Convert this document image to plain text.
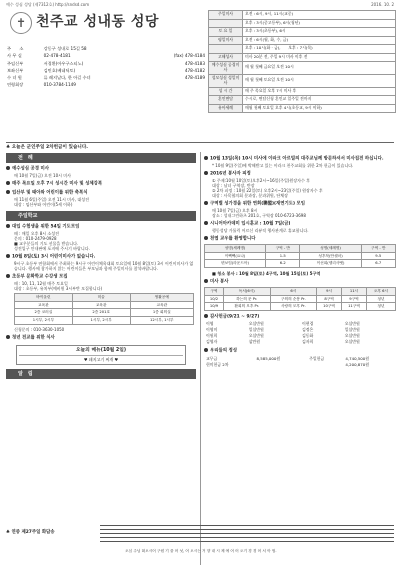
예수 성심 성당 (제7312호) http://sndsd.com	2016. 10. 2
✝ 천주교 성내동 성당
주　　소	강동구 성내로 15길 58	
사 무 실	02-478-4181	(fax) 478-4184
주임신부	서경환(아우구스티노)	478-4183
보좌신부	김민호(베네딕토)	478-4182
수 녀 원	류 레지날다, 한 아길 수녀	478-4189
연령회장	010-3784-1149	
주일미사	오전 : 6시, 9시, 11시(교중)
	오후 : 3시(중고등부), 6시(청년)
토 요 일	오후 : 3시(초등부), 6시
평일미사	오전 : 6시(월, 화, 수, 금)
	오후 : 10시(화 · 금),　　오후 : 7시(목)
고해성사	미사 20분 전, 주일 9시 미사 이후 전
예수성심 공경미사	매 월 첫째 금요일 오전 10시
성모성심 성일미사	매 월 첫째 토요일 오전 10시
성 시 간	매 주 목요일 오후 7시 미사 후
혼인면담	수시로, 면담신청 혼인교 일주일 전까지
유아세례	매월 첫째 토요일 오후 4시(초등교, 9시 이하)
♣ 오늘은 군인주일 2차헌금이 있습니다.
전　례
예수성심 공경 미사
매 10월 7일(금) 오전 10시 미사
매주 목요일 오후 7시 성시간 미사 및 성체강복
업산부 및 태아와 어린이를 위한 축복식
매 11월 6일(주일) 오전 11시 미사, 대성전
대상 : 임산부와 어린이(5세 이하)
주일학교
대입 수험생을 위한 54일 기도모임
때 : 매일 오후 8시 소성전
문의 : 010-2479-0928
■ 교우분들의 기도 선물을 받습니다.
성전입구 안내판에 포지에 주시기 바랍니다.
10월 8일(토) 3시 어린이미사가 없습니다.
9시구 초등부 연합회에서 주최하는 9시구 어린이체육대회 토요일에 10월 8일(토) 3시 어린이미사가 없습니다. 행사에 참가하지 않는 어린이들은 부모님과 함께 주일미사를 참석바랍니다.
초등부 문화학교 수강생 모집
때 : 10, 11, 12월 매주 토요일
대상 : 초등부, 유치부(예비원 3시부반 모집합니다)
바이올린	미술	생활공예
교육관	교육관	교육관
2층 코러실	2층 201호	1층 회의실
1시부, 2시부	1시부, 2시부	12시부, 1시부
신청문의 : 010-3630-1050
청년 전교를 위한 식사
오늘의 메뉴(10월 2일)
♥ 돼지고기 찌개 ♥
알　림
10월 13일(목) 10시 미사에 이라크 아르빌의 대주교님께 방문하셔서 미사집전 하십니다.
* 10월 9일(주일)에 박해받고 있는 이라크 천주교회를 위한 2차 헌금이 있습니다.
2016년 봉사자 피정
① 주제:10월 10일(토)오후2시~16일(주일)원장자수 후
대상 : 남녀 구역장, 반장
② 2차 피정 : 10월 22일(토) 오후2시~23일(주일) 원장자수 후
대상 : 사목협의회 분과장, 분과위원, 단체장
구역별 성가경을 위한 연회(聯盟)(재연기도) 모임
매 10월 7일(금) 오후 8시
장소 : 성내그린하츠 201호, 구역장 010-6723-3698
시니어아카데미 입시훈교 : 10월 7일(금)
행동성당 가톨릭 어르신 리뷰적 행사관계로 휴교합니다.
천엽 교우를 환영합니다
성명(세례명)	구역 - 반	성명(세례명)	구역 - 반
이빽빽(요나)	1-5	성후북(안셀마)	9-5
변보임(라운드아)	6-2	이선희(엘리사벳)	6-7
■ 청소 봉사 : 10월 8일(토) 4구역, 10월 15일(토) 5구역
미사 봉사
구역	독서(6시)	6시	9시	11시	오후 6시
10/2	하는의 문 Pr.	구의의 순봉 Pr.	8구역	9구역	청년
10/9	환희의 모후 Pr.	사랑의 모후 Pr.	10구역	11구역	청년
감사헌금(9/21 ~ 9/27)
이영	오십만원	이현경	오십만원
이영미	일십만원	김정은	일십만원
이원희	오십만원	김동화	오십만원
김영자	삼만원	김자희	오십만원
우리들의 정성
교무금	8,585,000원	주일헌금	4,740,500원
헌미헌금 2차			4,200,870원
♣ 연중 제27주일 화답송
오십 주님 떠오시어 구원 기 줄 어 섯, 어 오시는 거 향 내 시 제 에 어 어 오기 경 경 어 서 아 멈.
